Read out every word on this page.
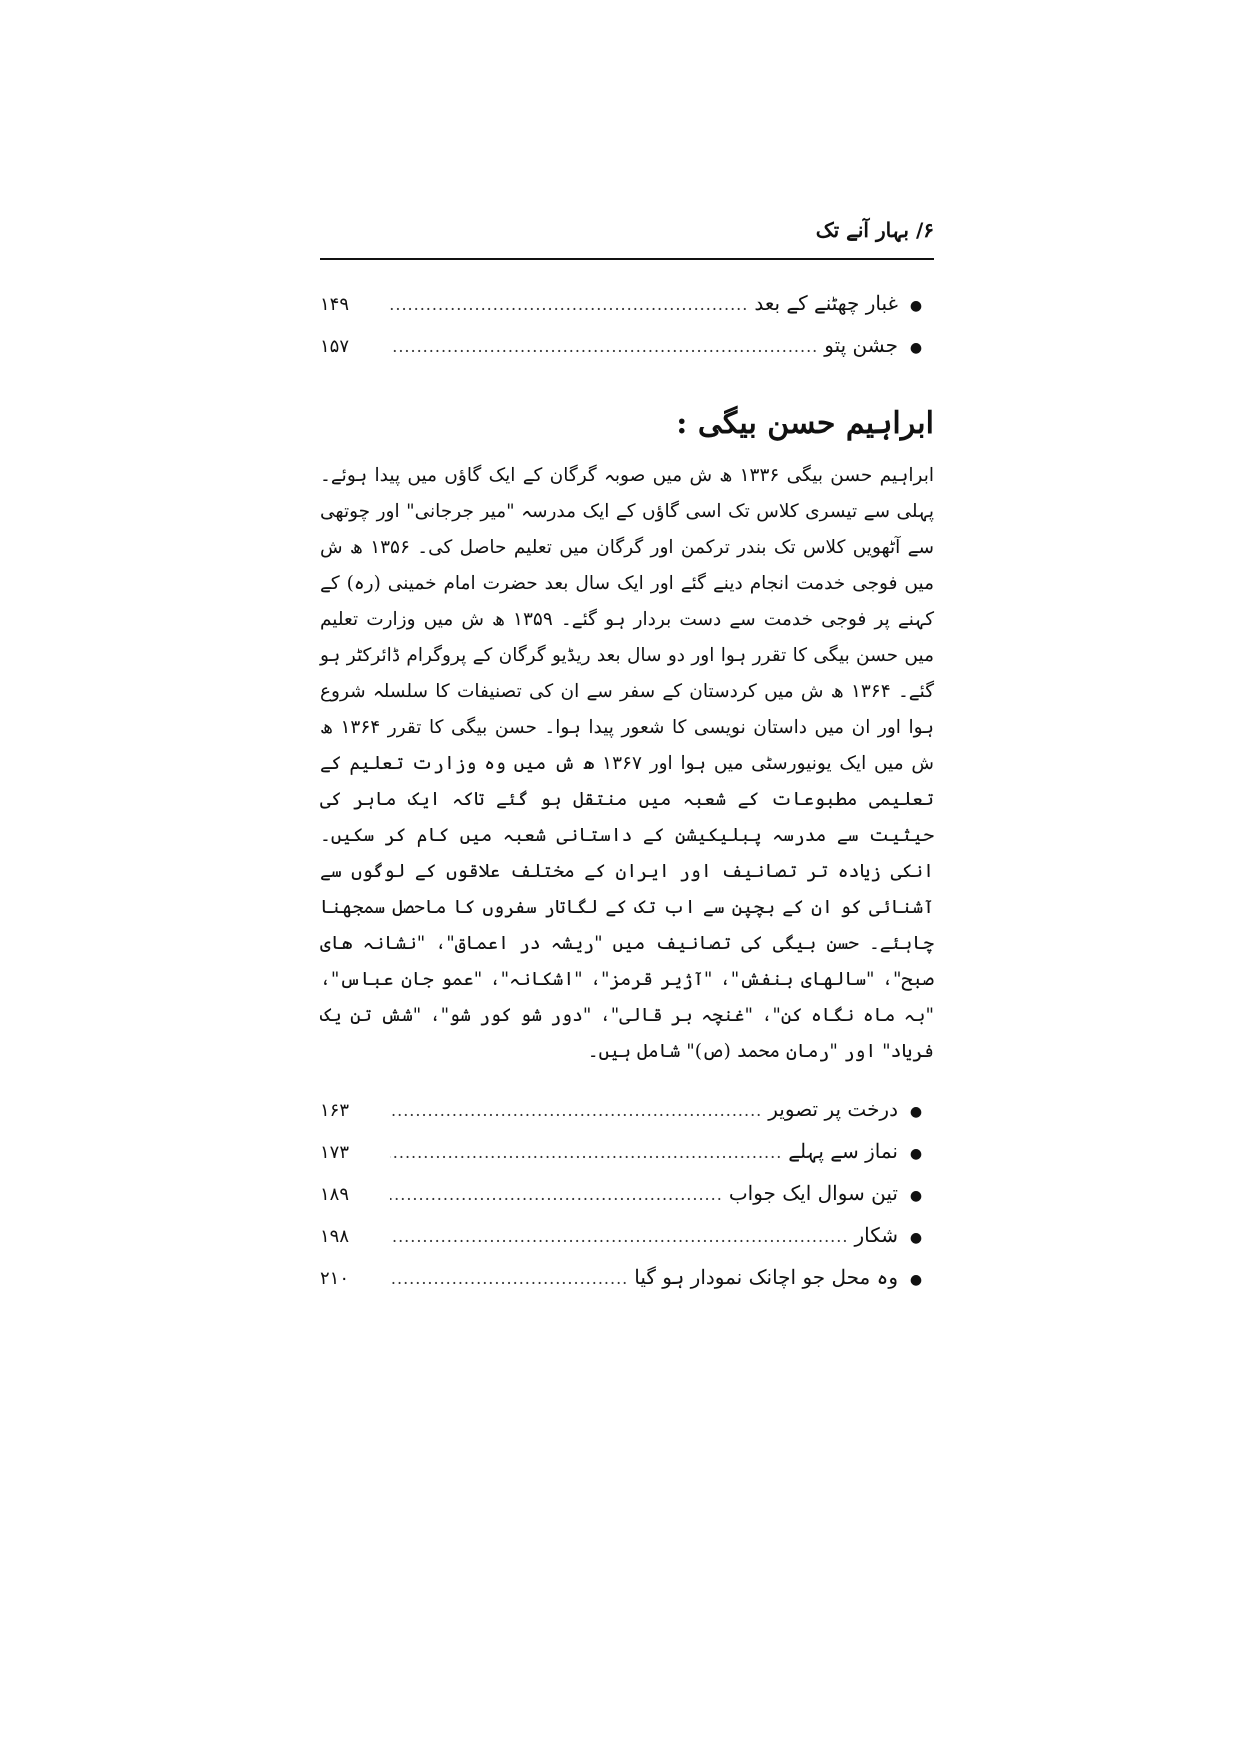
۶/ بہار آنے تک
●
غبار چھٹنے کے بعد
.....
۱۴۹
●
جشن پتو
.....
۱۵۷
ابراہیم حسن بیگی :

ابراہیم حسن بیگی ۱۳۳۶ ھ ش میں صوبہ گرگان کے ایک گاؤں میں پیدا ہوئے۔ پہلی سے تیسری کلاس تک اسی گاؤں کے ایک مدرسہ "میر جرجانی" اور چوتھی سے آٹھویں کلاس تک بندر ترکمن اور گرگان میں تعلیم حاصل کی۔ ۱۳۵۶ ھ ش میں فوجی خدمت انجام دینے گئے اور ایک سال بعد حضرت امام خمینی (رہ) کے کہنے پر فوجی خدمت سے دست بردار ہو گئے۔ ۱۳۵۹ ھ ش میں وزارت تعلیم میں حسن بیگی کا تقرر ہوا اور دو سال بعد ریڈیو گرگان کے پروگرام ڈائرکٹر ہو گئے۔ ۱۳۶۴ ھ ش میں کردستان کے سفر سے ان کی تصنیفات کا سلسلہ شروع ہوا اور ان میں داستان نویسی کا شعور پیدا ہوا۔ حسن بیگی کا تقرر ۱۳۶۴ ھ ش میں ایک یونیورسٹی میں ہوا اور ۱۳۶۷ ھ ش میں وہ وزارت تعلیم کے تعلیمی مطبوعات کے شعبہ میں منتقل ہو گئے تاکہ ایک ماہر کی حیثیت سے مدرسہ پبلیکیشن کے داستانی شعبہ میں کام کر سکیں۔ انکی زیادہ تر تصانیف اور ایران کے مختلف علاقوں کے لوگوں سے آشنائی کو ان کے بچپن سے اب تک کے لگاتار سفروں کا ماحصل سمجھنا چاہئے۔ حسن بیگی کی تصانیف میں "ریشہ در اعماق"، "نشانہ ھای صبح"، "سالھای بنفش"، "آژیر قرمز"، "اشکانہ"، "عمو جان عباس"، "بہ ماہ نگاہ کن"، "غنچہ بر قالی"، "دور شو کور شو"، "شش تن یک فریاد" اور "رمان محمد (ص)" شامل ہیں۔

●
درخت پر تصویر
.....
۱۶۳
●
نماز سے پہلے
.....
۱۷۳
●
تین سوال ایک جواب
.....
۱۸۹
●
شکار
.....
۱۹۸
●
وہ محل جو اچانک نمودار ہو گیا
.....
۲۱۰
